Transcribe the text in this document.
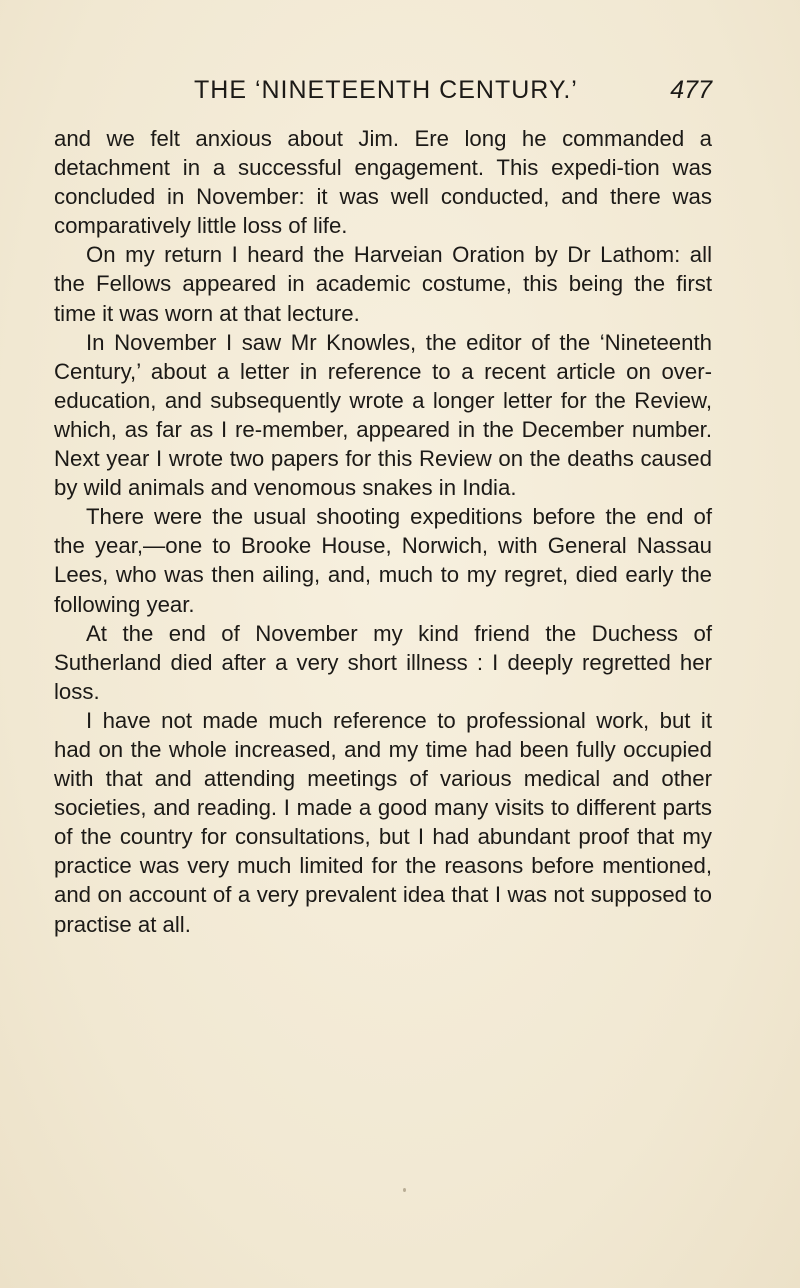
THE ‘NINETEENTH CENTURY.’	477

and we felt anxious about Jim. Ere long he commanded a detachment in a successful engagement. This expedi-tion was concluded in November: it was well conducted, and there was comparatively little loss of life.

On my return I heard the Harveian Oration by Dr Lathom: all the Fellows appeared in academic costume, this being the first time it was worn at that lecture.

In November I saw Mr Knowles, the editor of the ‘Nineteenth Century,’ about a letter in reference to a recent article on over-education, and subsequently wrote a longer letter for the Review, which, as far as I re-member, appeared in the December number. Next year I wrote two papers for this Review on the deaths caused by wild animals and venomous snakes in India.

There were the usual shooting expeditions before the end of the year,—one to Brooke House, Norwich, with General Nassau Lees, who was then ailing, and, much to my regret, died early the following year.

At the end of November my kind friend the Duchess of Sutherland died after a very short illness : I deeply regretted her loss.

I have not made much reference to professional work, but it had on the whole increased, and my time had been fully occupied with that and attending meetings of various medical and other societies, and reading. I made a good many visits to different parts of the country for consultations, but I had abundant proof that my practice was very much limited for the reasons before mentioned, and on account of a very prevalent idea that I was not supposed to practise at all.
